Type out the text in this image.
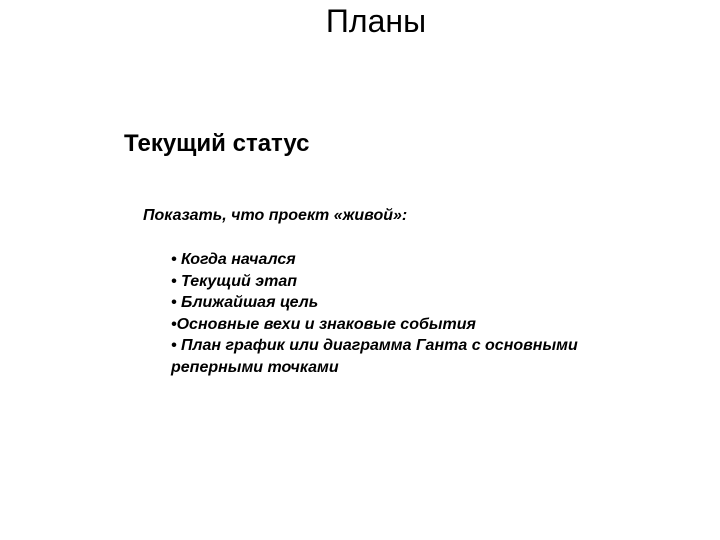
Планы
Текущий статус
Показать, что проект «живой»:
• Когда начался
• Текущий этап
• Ближайшая цель
•Основные вехи и знаковые события
• План график или диаграмма Ганта с основными
реперными точками
